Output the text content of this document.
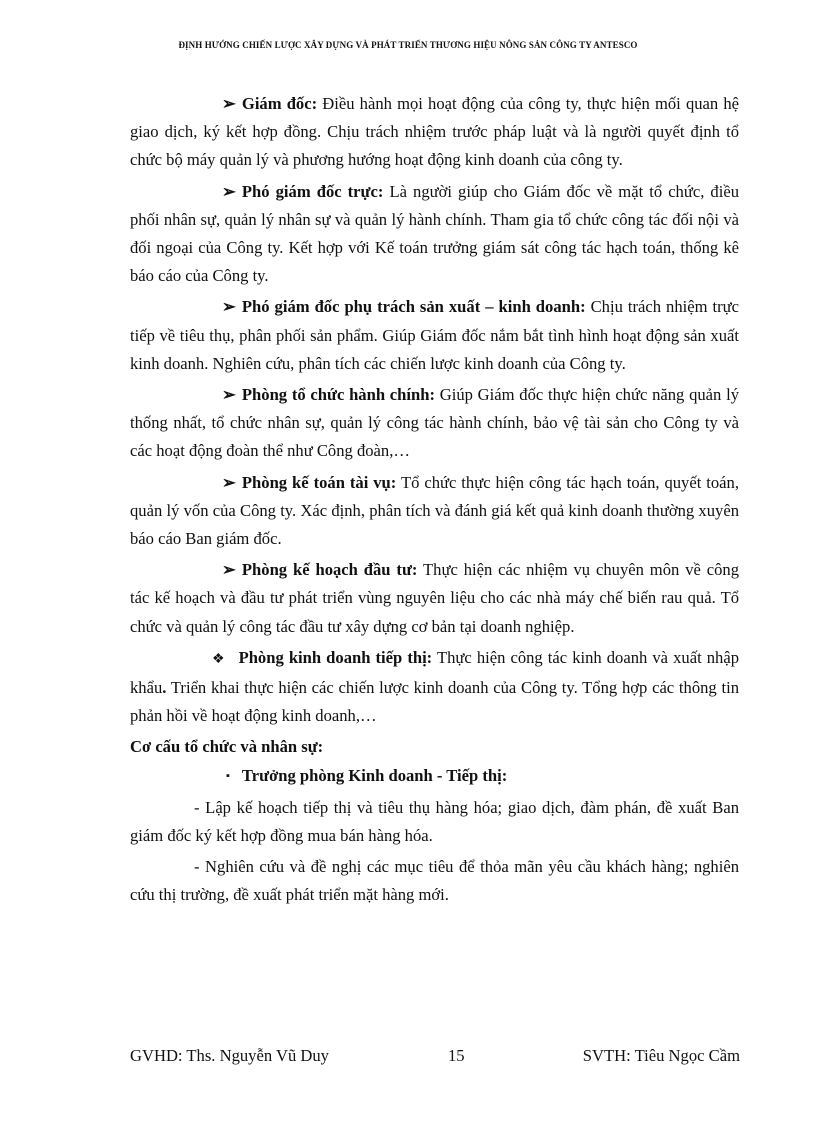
ĐỊNH HƯỚNG CHIẾN LƯỢC XÂY DỰNG VÀ PHÁT TRIỂN THƯƠNG HIỆU NÔNG SẢN CÔNG TY ANTESCO

➢ Giám đốc: Điều hành mọi hoạt động của công ty, thực hiện mối quan hệ giao dịch, ký kết hợp đồng. Chịu trách nhiệm trước pháp luật và là người quyết định tổ chức bộ máy quản lý và phương hướng hoạt động kinh doanh của công ty.

➢ Phó giám đốc trực: Là người giúp cho Giám đốc về mặt tổ chức, điều phối nhân sự, quản lý nhân sự và quản lý hành chính. Tham gia tổ chức công tác đối nội và đối ngoại của Công ty. Kết hợp với Kế toán trưởng giám sát công tác hạch toán, thống kê báo cáo của Công ty.

➢ Phó giám đốc phụ trách sản xuất – kinh doanh: Chịu trách nhiệm trực tiếp về tiêu thụ, phân phối sản phẩm. Giúp Giám đốc nắm bắt tình hình hoạt động sản xuất kinh doanh. Nghiên cứu, phân tích các chiến lược kinh doanh của Công ty.

➢ Phòng tổ chức hành chính: Giúp Giám đốc thực hiện chức năng quản lý thống nhất, tổ chức nhân sự, quản lý công tác hành chính, bảo vệ tài sản cho Công ty và các hoạt động đoàn thể như Công đoàn,…

➢ Phòng kế toán tài vụ: Tổ chức thực hiện công tác hạch toán, quyết toán, quản lý vốn của Công ty. Xác định, phân tích và đánh giá kết quả kinh doanh thường xuyên báo cáo Ban giám đốc.

➢ Phòng kế hoạch đầu tư: Thực hiện các nhiệm vụ chuyên môn về công tác kế hoạch và đầu tư phát triển vùng nguyên liệu cho các nhà máy chế biến rau quả. Tổ chức và quản lý công tác đầu tư xây dựng cơ bản tại doanh nghiệp.

❖ Phòng kinh doanh tiếp thị: Thực hiện công tác kinh doanh và xuất nhập khẩu. Triển khai thực hiện các chiến lược kinh doanh của Công ty. Tổng hợp các thông tin phản hồi về hoạt động kinh doanh,…

Cơ cấu tổ chức và nhân sự:

▪ Trưởng phòng Kinh doanh - Tiếp thị:

- Lập kế hoạch tiếp thị và tiêu thụ hàng hóa; giao dịch, đàm phán, đề xuất Ban giám đốc ký kết hợp đồng mua bán hàng hóa.

- Nghiên cứu và đề nghị các mục tiêu để thỏa mãn yêu cầu khách hàng; nghiên cứu thị trường, đề xuất phát triển mặt hàng mới.

GVHD: Ths. Nguyễn Vũ Duy	15	SVTH: Tiêu Ngọc Cầm
